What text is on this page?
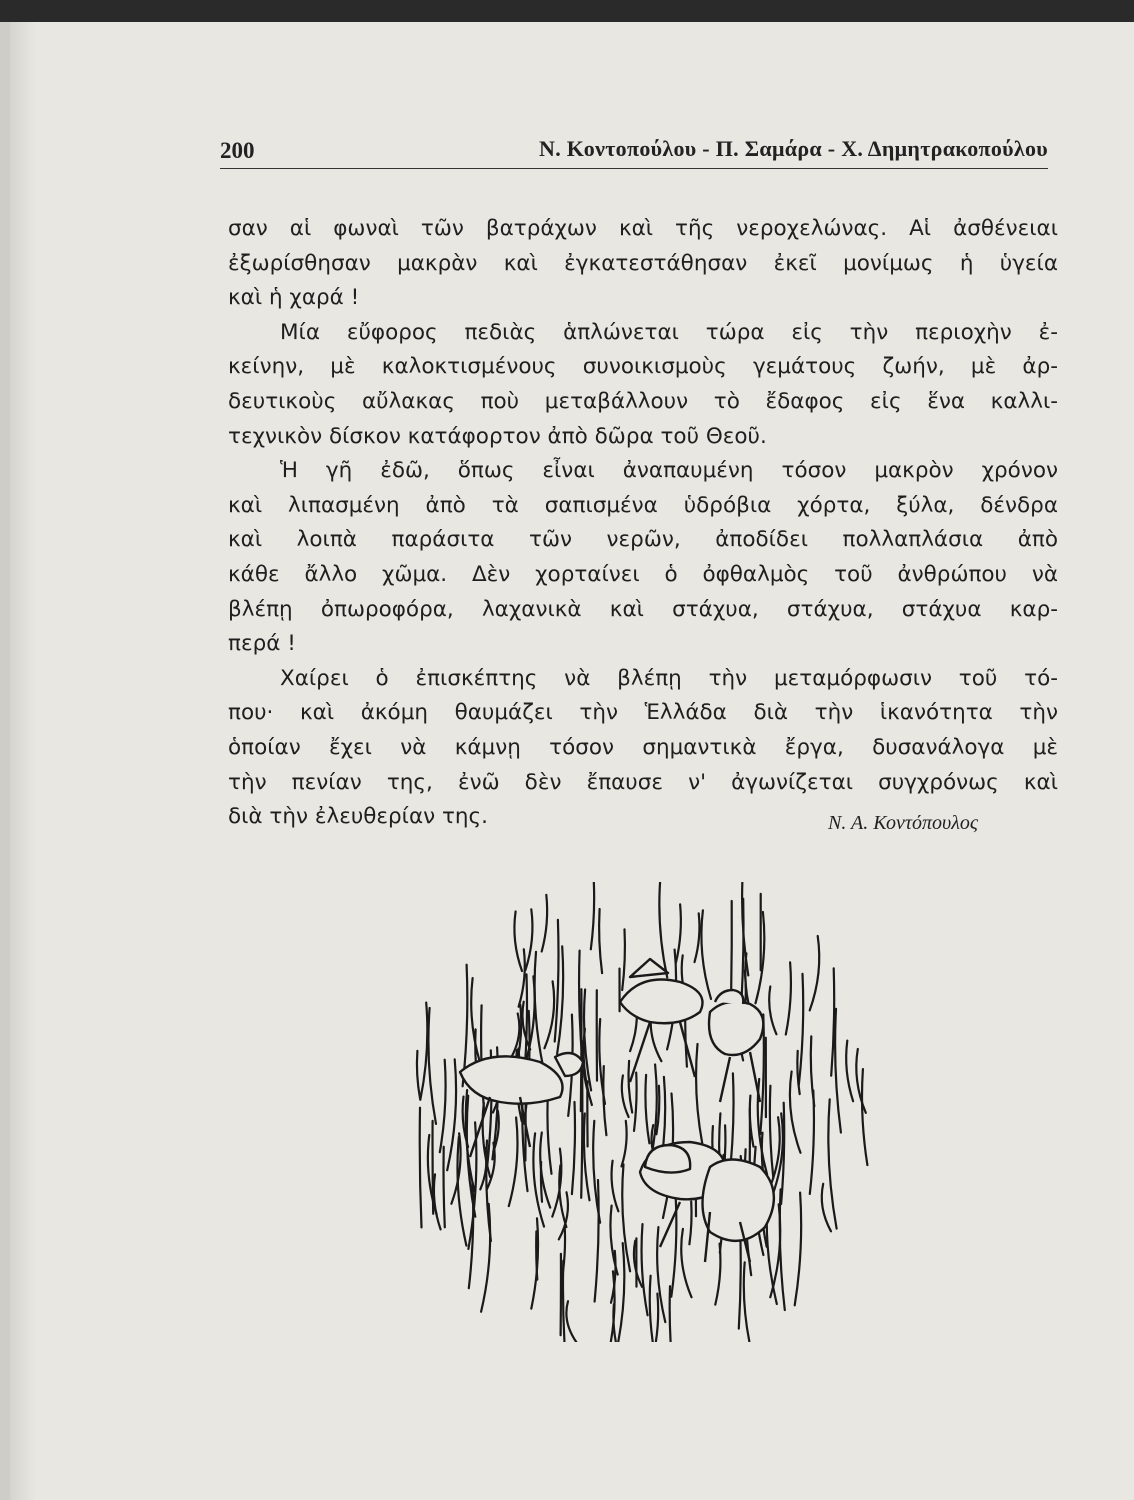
200	Ν. Κοντοπούλου - Π. Σαμάρα - Χ. Δημητρακοπούλου

σαν αἱ φωναὶ τῶν βατράχων καὶ τῆς νεροχελώνας. Αἱ ἀσθένειαι
ἐξωρίσθησαν μακρὰν καὶ ἐγκατεστάθησαν ἐκεῖ μονίμως ἡ ὑγεία
καὶ ἡ χαρά !

Μία εὔφορος πεδιὰς ἁπλώνεται τώρα εἰς τὴν περιοχὴν ἐ-
κείνην, μὲ καλοκτισμένους συνοικισμοὺς γεμάτους ζωήν, μὲ ἀρ-
δευτικοὺς αὔλακας ποὺ μεταβάλλουν τὸ ἔδαφος εἰς ἕνα καλλι-
τεχνικὸν δίσκον κατάφορτον ἀπὸ δῶρα τοῦ Θεοῦ.

Ἡ γῆ ἐδῶ, ὅπως εἶναι ἀναπαυμένη τόσον μακρὸν χρόνον
καὶ λιπασμένη ἀπὸ τὰ σαπισμένα ὑδρόβια χόρτα, ξύλα, δένδρα
καὶ λοιπὰ παράσιτα τῶν νερῶν, ἀποδίδει πολλαπλάσια ἀπὸ
κάθε ἄλλο χῶμα. Δὲν χορταίνει ὁ ὀφθαλμὸς τοῦ ἀνθρώπου νὰ
βλέπῃ ὀπωροφόρα, λαχανικὰ καὶ στάχυα, στάχυα, στάχυα καρ-
περά !

Χαίρει ὁ ἐπισκέπτης νὰ βλέπῃ τὴν μεταμόρφωσιν τοῦ τό-
που· καὶ ἀκόμη θαυμάζει τὴν Ἑλλάδα διὰ τὴν ἱκανότητα τὴν
ὁποίαν ἔχει νὰ κάμνῃ τόσον σημαντικὰ ἔργα, δυσανάλογα μὲ
τὴν πενίαν της, ἐνῶ δὲν ἔπαυσε ν' ἀγωνίζεται συγχρόνως καὶ
διὰ τὴν ἐλευθερίαν της.	Ν. Α. Κοντόπουλος
